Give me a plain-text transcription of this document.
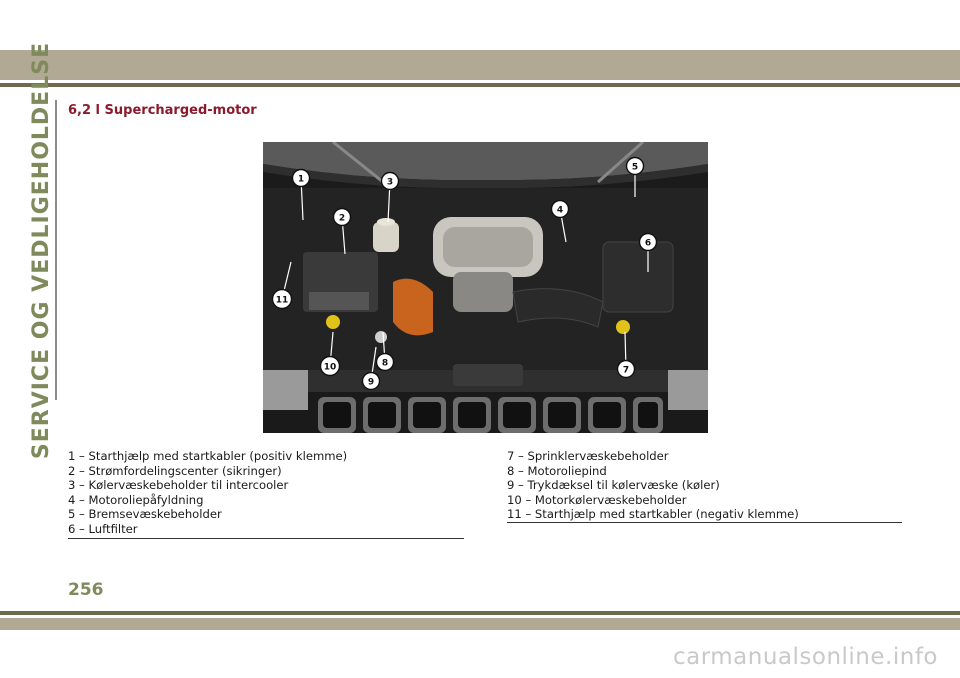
SERVICE OG VEDLIGEHOLDELSE 6,2 l Supercharged-motor
1
2
3
4
5
6
7
8
9
10
11
1 – Starthjælp med startkabler (positiv klemme)
2 – Strømfordelingscenter (sikringer)
3 – Kølervæskebeholder til intercooler
4 – Motoroliepåfyldning
5 – Bremsevæskebeholder
6 – Luftfilter
7 – Sprinklervæskebeholder
8 – Motoroliepind
9 – Trykdæksel til kølervæske (køler)
10 – Motorkølervæskebeholder
11 – Starthjælp med startkabler (negativ klemme)
256
carmanualsonline.info
